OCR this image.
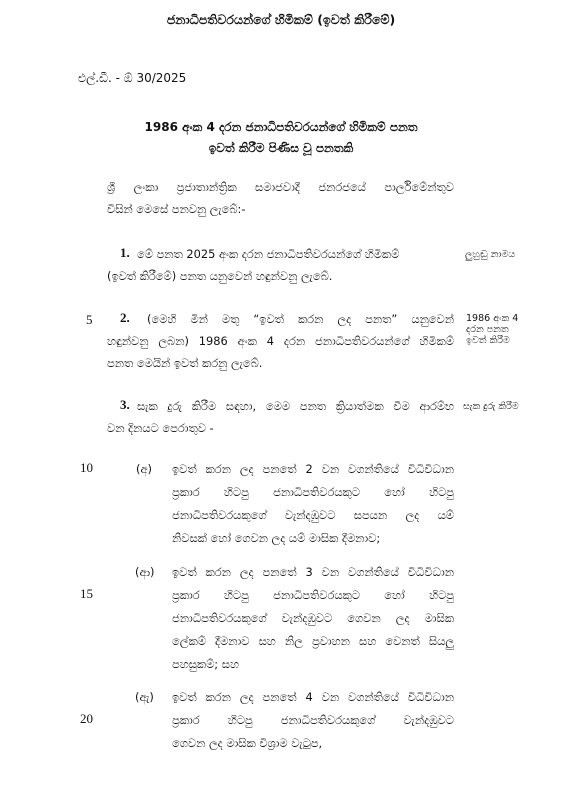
ජනාධිපතිවරයන්ගේ හිමිකම් (ඉවත් කිරීමේ)
එල්.ඩී. - ඕ 30/2025
1986 අංක 4 දරන ජනාධිපතිවරයන්ගේ හිමිකම් පනත
ඉවත් කිරීම පිණිස වූ පනතකි
ශ්‍රී ලංකා ප්‍රජාතාන්ත්‍රික සමාජවාදී ජනරජයේ පාර්ලිමේන්තුව
විසින් මෙසේ පනවනු ලැබේ:-
1. මේ පනත 2025 අංක දරන ජනාධිපතිවරයන්ගේ හිමිකම්
(ඉවත් කිරීමේ) පනත යනුවෙන් හඳුන්වනු ලැබේ.
ලුහුඬු නාමය
5 2. (මෙහි මින් මතු “ඉවත් කරන ලද පනත” යනුවෙන්
හඳුන්වනු ලබන) 1986 අංක 4 දරන ජනාධිපතිවරයන්ගේ හිමිකම්
පනත මෙයින් ඉවත් කරනු ලැබේ.
1986 අංක 4
දරන පනත
ඉවත් කිරීම
3. සැක දුරු කිරීම සඳහා, මෙම පනත ක්‍රියාත්මක වීම ආරම්භ
වන දිනයට පෙරාතුව -
සැක දුරු කිරීම
10	(අ) ඉවත් කරන ලද පනතේ 2 වන වගන්තියේ විධිවිධාන
ප්‍රකාර හිටපු ජනාධිපතිවරයකුට හෝ හිටපු
ජනාධිපතිවරයකුගේ වැන්දඹුවට සපයන ලද යම්
නිවසක් හෝ ගෙවන ලද යම් මාසික දීමනාව;
(ආ) ඉවත් කරන ලද පනතේ 3 වන වගන්තියේ විධිවිධාන
15	ප්‍රකාර හිටපු ජනාධිපතිවරයකුට හෝ හිටපු
ජනාධිපතිවරයකුගේ වැන්දඹුවට ගෙවන ලද මාසික
ලේකම් දීමනාව සහ නිල ප්‍රවාහන සහ වෙනත් සියලු
පහසුකම්; සහ
(ඇ) ඉවත් කරන ලද පනතේ 4 වන වගන්තියේ විධිවිධාන
20	ප්‍රකාර හිටපු ජනාධිපතිවරයකුගේ වැන්දඹුවට
ගෙවන ලද මාසික විශ්‍රාම වැටුප,
